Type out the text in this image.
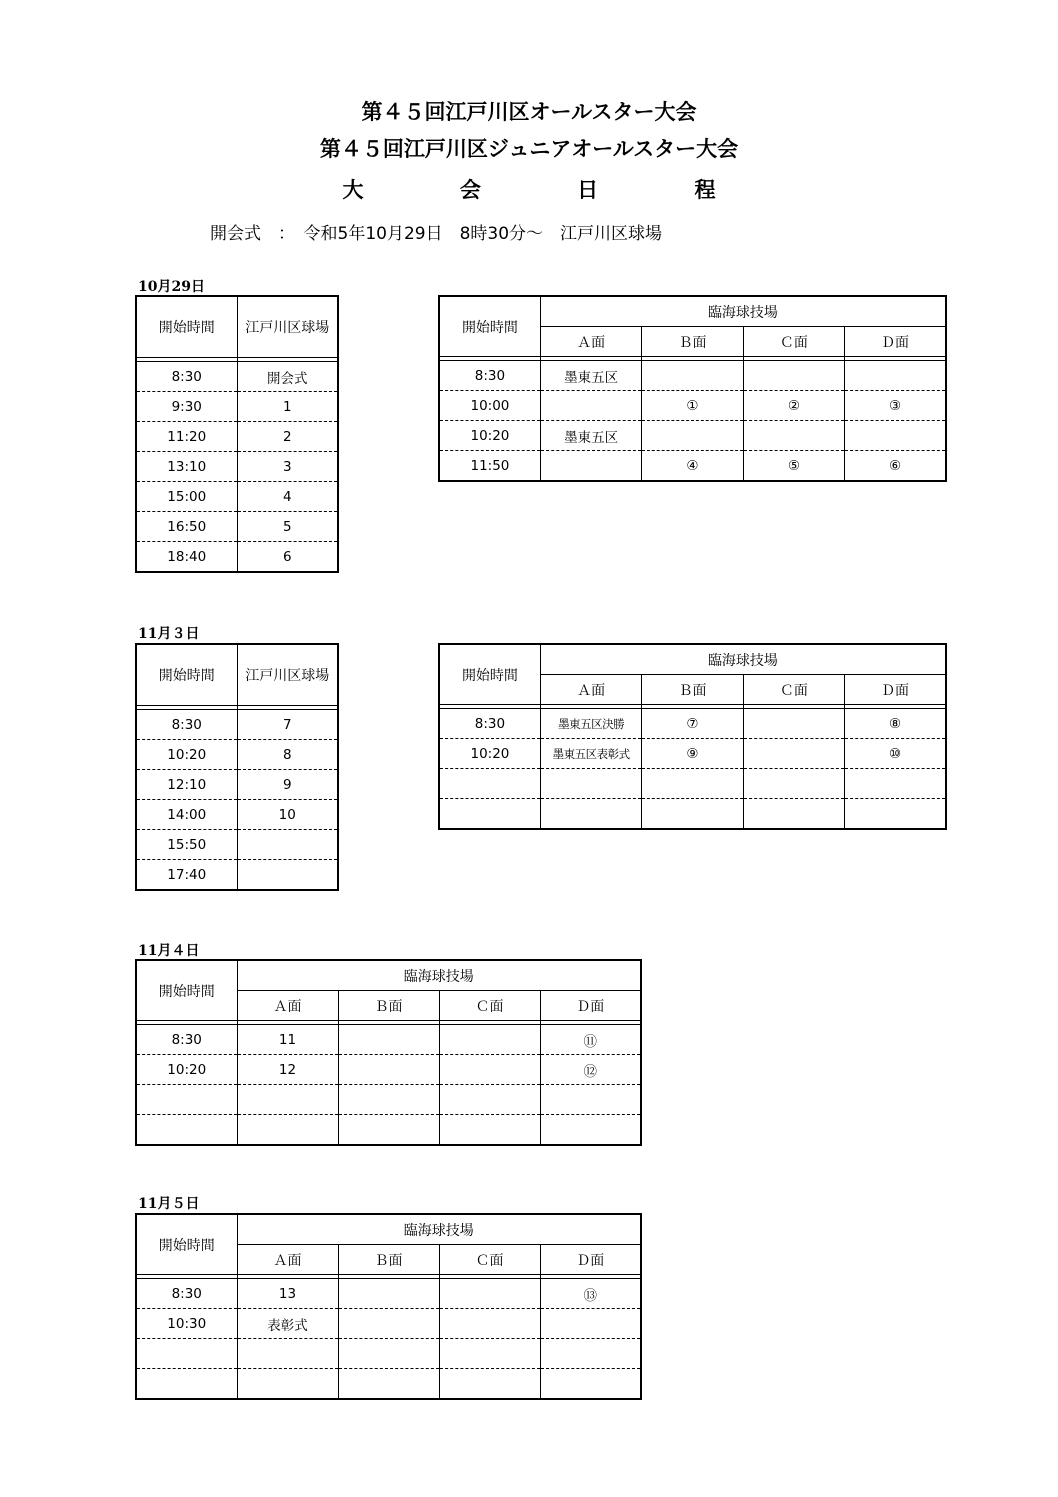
第４５回江戸川区オールスター大会
第４５回江戸川区ジュニアオールスター大会
大	会	日	程
開会式　：　令和5年10月29日　8時30分～　江戸川区球場
10月29日
開始時間	江戸川区球場

8:30	開会式
9:30	1
11:20	2
13:10	3
15:00	4
16:50	5
18:40	6
開始時間	臨海球技場			
	Ａ面	Ｂ面	Ｃ面	Ｄ面

8:30	墨東五区			
10:00		①	②	③
10:20	墨東五区			
11:50		④	⑤	⑥
11月３日
開始時間	江戸川区球場

8:30	7
10:20	8
12:10	9
14:00	10
15:50	
17:40	
開始時間	臨海球技場			
	Ａ面	Ｂ面	Ｃ面	Ｄ面

8:30	墨東五区決勝	⑦		⑧
10:20	墨東五区表彰式	⑨		⑩

11月４日
開始時間	臨海球技場			
	Ａ面	Ｂ面	Ｃ面	Ｄ面

8:30	11			⑪
10:20	12			⑫

11月５日
開始時間	臨海球技場			
	Ａ面	Ｂ面	Ｃ面	Ｄ面

8:30	13			⑬
10:30	表彰式			
